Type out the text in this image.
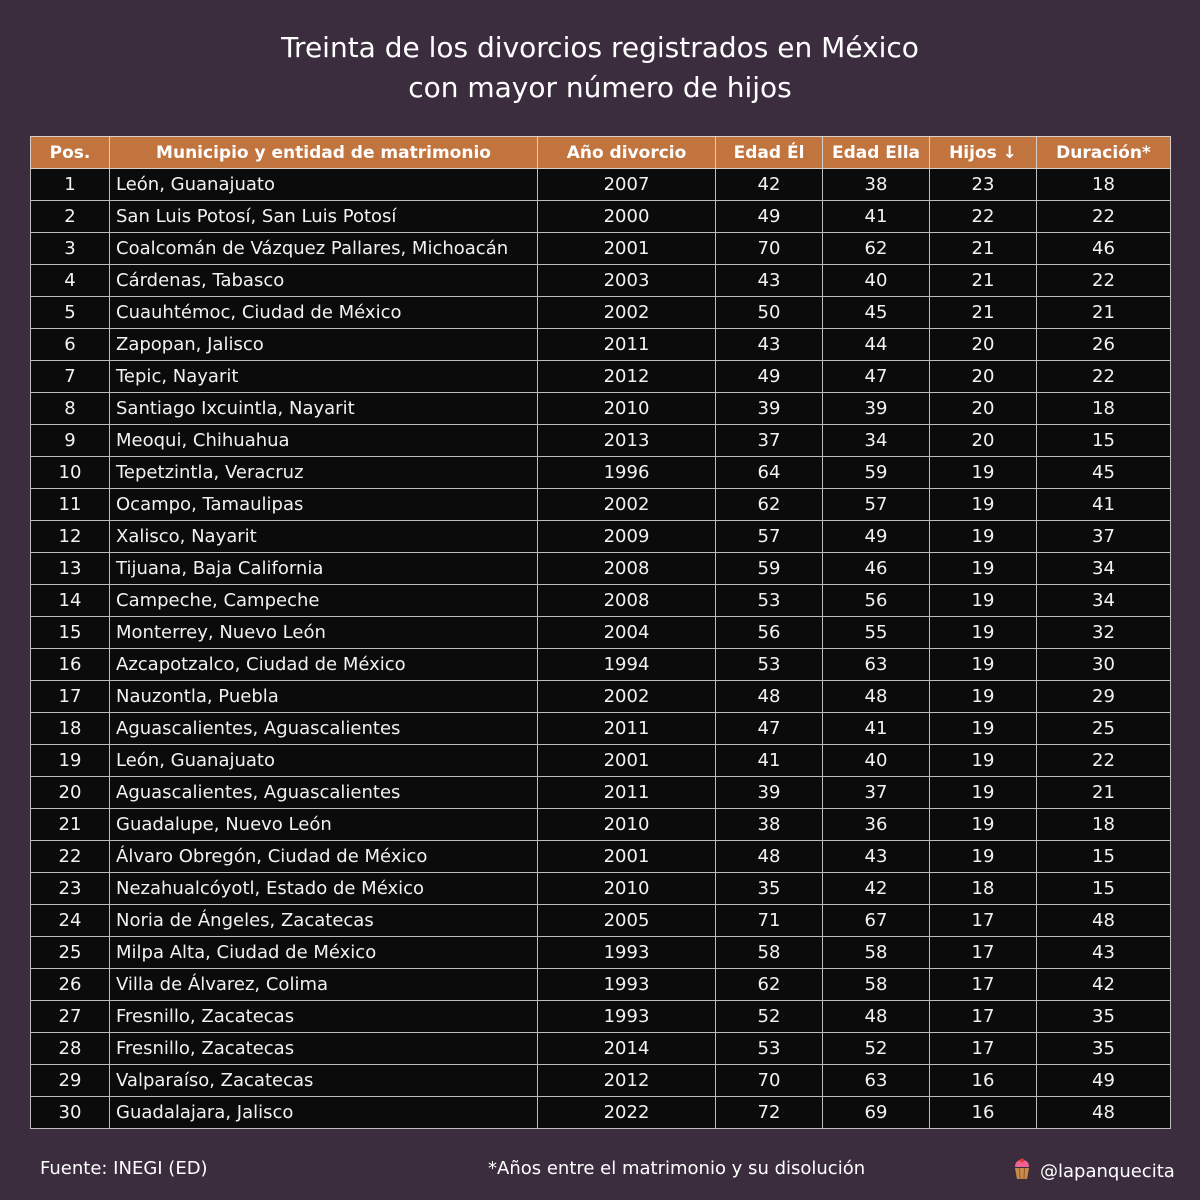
Treinta de los divorcios registrados en México
con mayor número de hijos
Pos.	Municipio y entidad de matrimonio	Año divorcio	Edad Él	Edad Ella	Hijos ↓	Duración*
1	León, Guanajuato	2007	42	38	23	18
2	San Luis Potosí, San Luis Potosí	2000	49	41	22	22
3	Coalcomán de Vázquez Pallares, Michoacán	2001	70	62	21	46
4	Cárdenas, Tabasco	2003	43	40	21	22
5	Cuauhtémoc, Ciudad de México	2002	50	45	21	21
6	Zapopan, Jalisco	2011	43	44	20	26
7	Tepic, Nayarit	2012	49	47	20	22
8	Santiago Ixcuintla, Nayarit	2010	39	39	20	18
9	Meoqui, Chihuahua	2013	37	34	20	15
10	Tepetzintla, Veracruz	1996	64	59	19	45
11	Ocampo, Tamaulipas	2002	62	57	19	41
12	Xalisco, Nayarit	2009	57	49	19	37
13	Tijuana, Baja California	2008	59	46	19	34
14	Campeche, Campeche	2008	53	56	19	34
15	Monterrey, Nuevo León	2004	56	55	19	32
16	Azcapotzalco, Ciudad de México	1994	53	63	19	30
17	Nauzontla, Puebla	2002	48	48	19	29
18	Aguascalientes, Aguascalientes	2011	47	41	19	25
19	León, Guanajuato	2001	41	40	19	22
20	Aguascalientes, Aguascalientes	2011	39	37	19	21
21	Guadalupe, Nuevo León	2010	38	36	19	18
22	Álvaro Obregón, Ciudad de México	2001	48	43	19	15
23	Nezahualcóyotl, Estado de México	2010	35	42	18	15
24	Noria de Ángeles, Zacatecas	2005	71	67	17	48
25	Milpa Alta, Ciudad de México	1993	58	58	17	43
26	Villa de Álvarez, Colima	1993	62	58	17	42
27	Fresnillo, Zacatecas	1993	52	48	17	35
28	Fresnillo, Zacatecas	2014	53	52	17	35
29	Valparaíso, Zacatecas	2012	70	63	16	49
30	Guadalajara, Jalisco	2022	72	69	16	48
Fuente: INEGI (ED)	*Años entre el matrimonio y su disolución	@lapanquecita
